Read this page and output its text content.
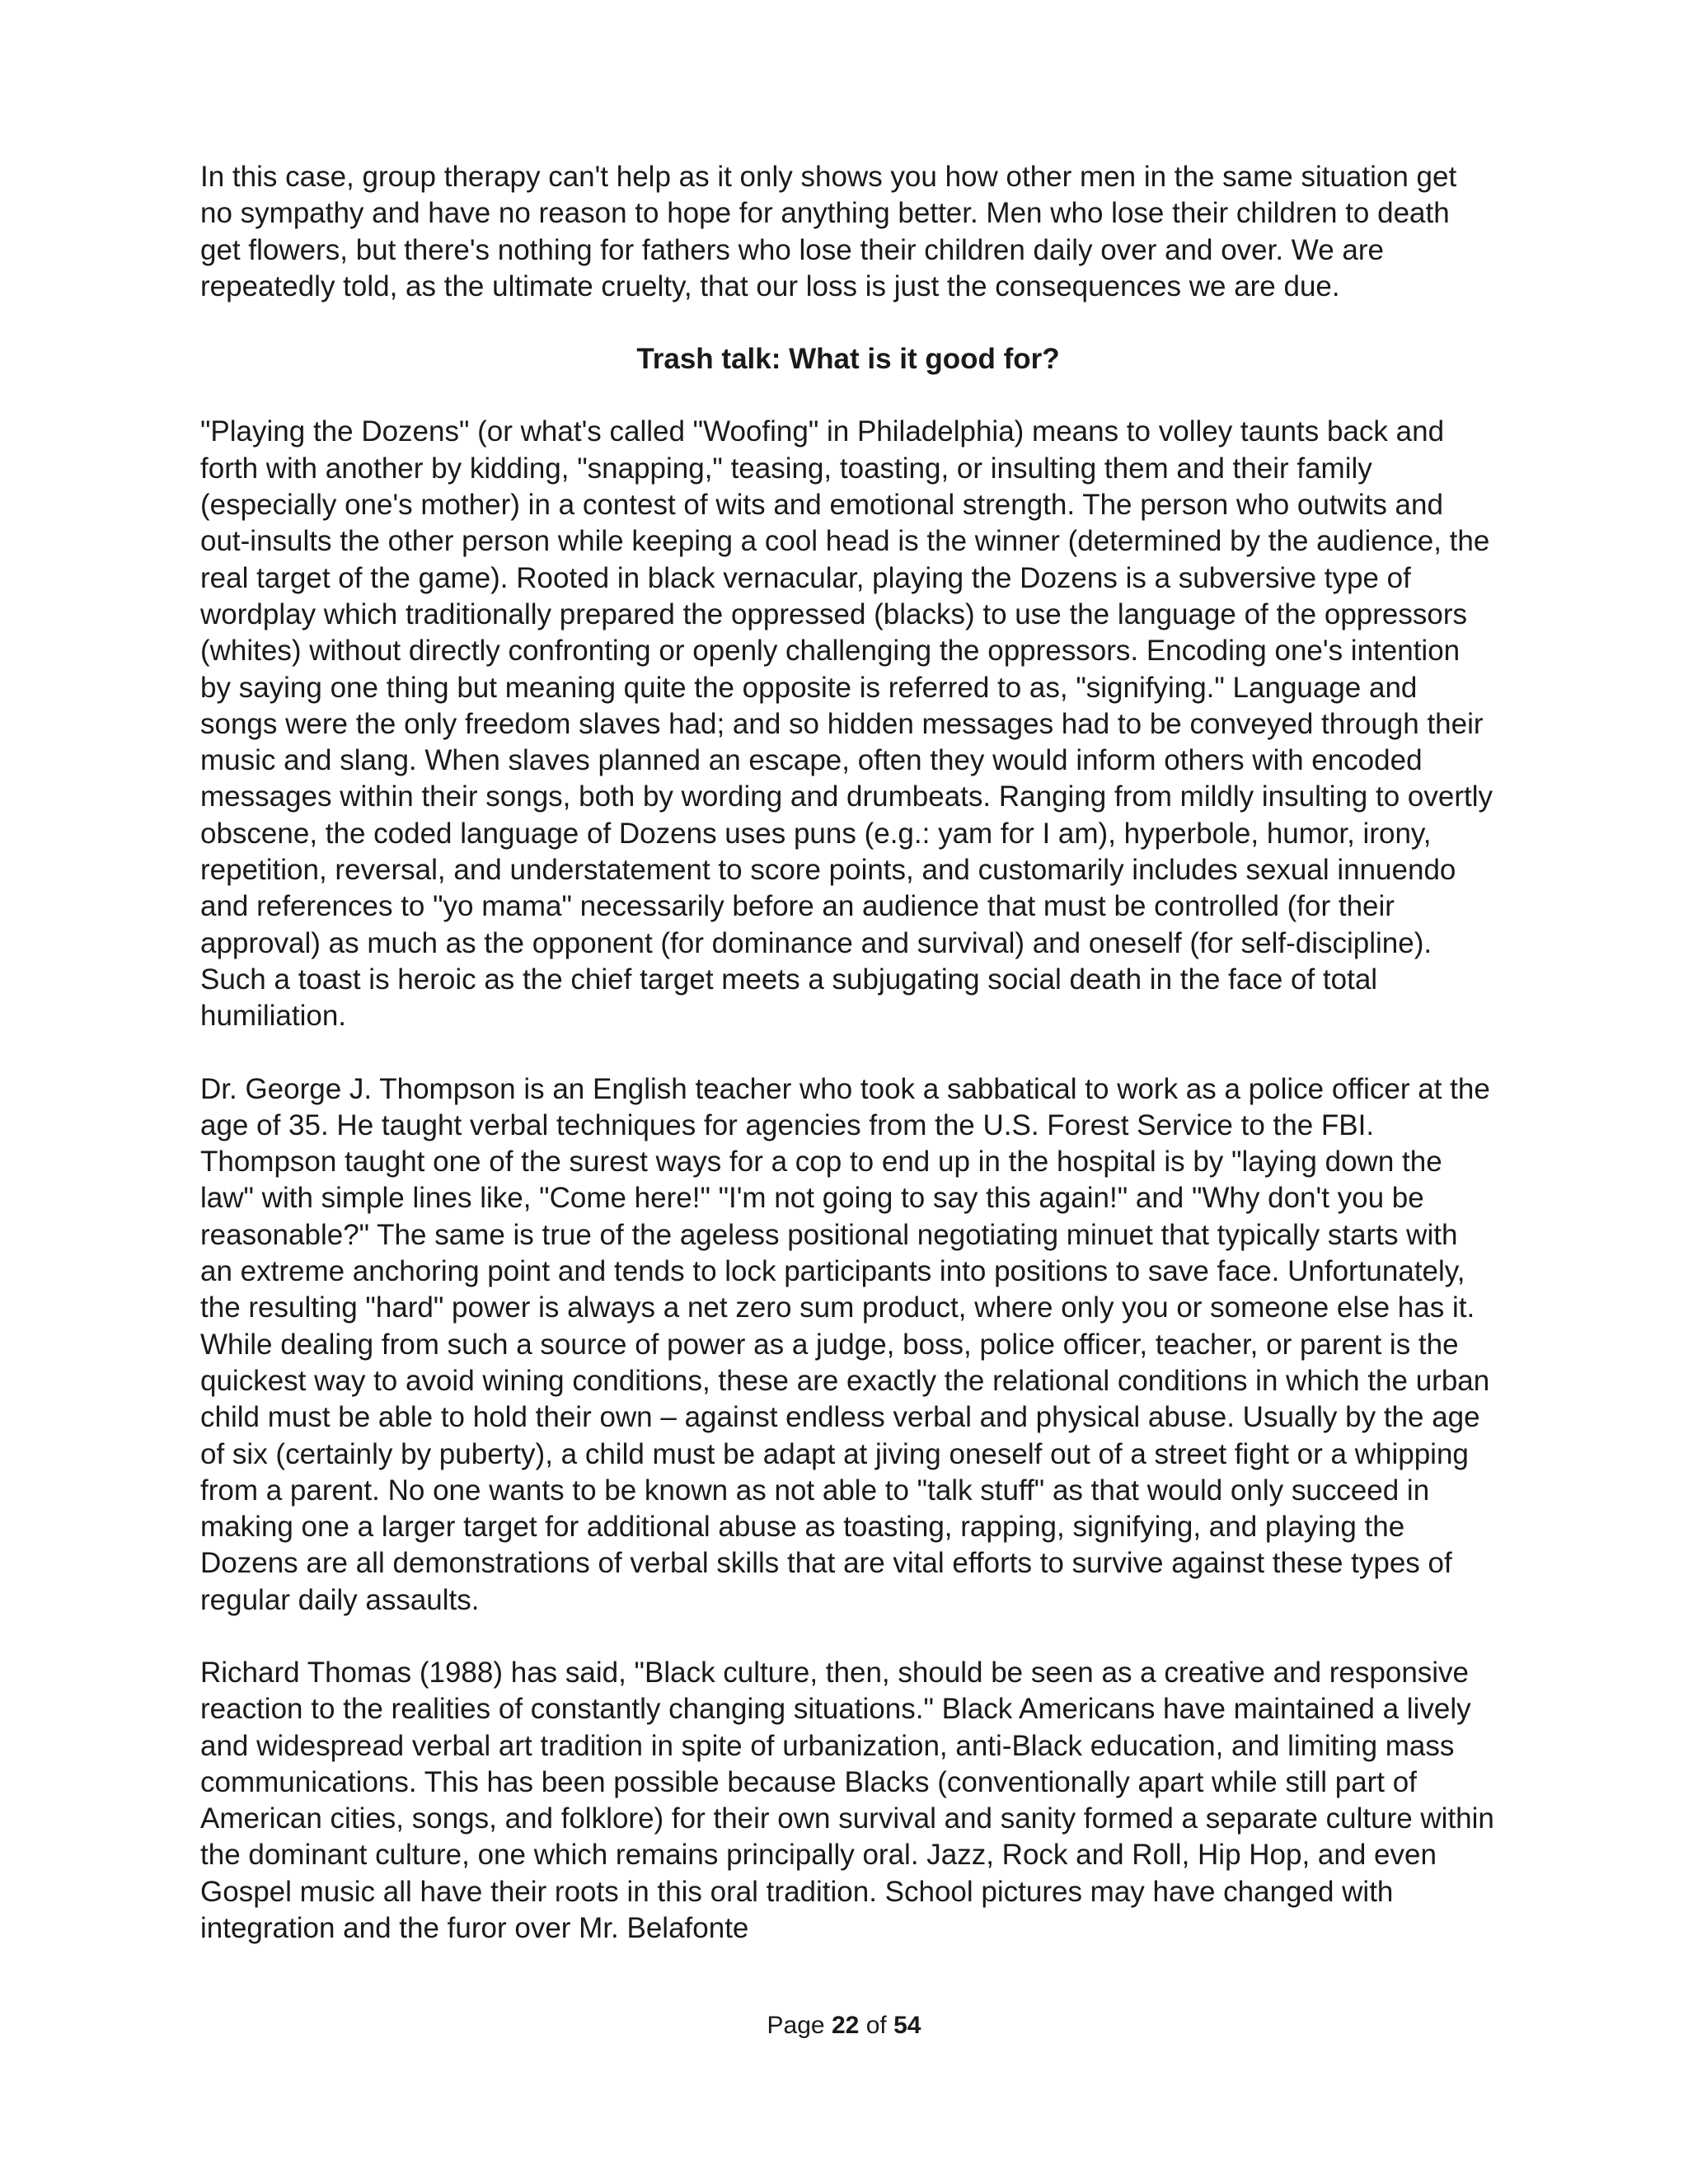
In this case, group therapy can't help as it only shows you how other men in the same situation get no sympathy and have no reason to hope for anything better. Men who lose their children to death get flowers, but there's nothing for fathers who lose their children daily over and over. We are repeatedly told, as the ultimate cruelty, that our loss is just the consequences we are due.

Trash talk: What is it good for?

"Playing the Dozens" (or what's called "Woofing" in Philadelphia) means to volley taunts back and forth with another by kidding, "snapping," teasing, toasting, or insulting them and their family (especially one's mother) in a contest of wits and emotional strength. The person who outwits and out-insults the other person while keeping a cool head is the winner (determined by the audience, the real target of the game). Rooted in black vernacular, playing the Dozens is a subversive type of wordplay which traditionally prepared the oppressed (blacks) to use the language of the oppressors (whites) without directly confronting or openly challenging the oppressors. Encoding one's intention by saying one thing but meaning quite the opposite is referred to as, "signifying." Language and songs were the only freedom slaves had; and so hidden messages had to be conveyed through their music and slang. When slaves planned an escape, often they would inform others with encoded messages within their songs, both by wording and drumbeats. Ranging from mildly insulting to overtly obscene, the coded language of Dozens uses puns (e.g.: yam for I am), hyperbole, humor, irony, repetition, reversal, and understatement to score points, and customarily includes sexual innuendo and references to "yo mama" necessarily before an audience that must be controlled (for their approval) as much as the opponent (for dominance and survival) and oneself (for self-discipline). Such a toast is heroic as the chief target meets a subjugating social death in the face of total humiliation.

Dr. George J. Thompson is an English teacher who took a sabbatical to work as a police officer at the age of 35. He taught verbal techniques for agencies from the U.S. Forest Service to the FBI. Thompson taught one of the surest ways for a cop to end up in the hospital is by "laying down the law" with simple lines like, "Come here!" "I'm not going to say this again!" and "Why don't you be reasonable?" The same is true of the ageless positional negotiating minuet that typically starts with an extreme anchoring point and tends to lock participants into positions to save face. Unfortunately, the resulting "hard" power is always a net zero sum product, where only you or someone else has it. While dealing from such a source of power as a judge, boss, police officer, teacher, or parent is the quickest way to avoid wining conditions, these are exactly the relational conditions in which the urban child must be able to hold their own – against endless verbal and physical abuse. Usually by the age of six (certainly by puberty), a child must be adapt at jiving oneself out of a street fight or a whipping from a parent. No one wants to be known as not able to "talk stuff" as that would only succeed in making one a larger target for additional abuse as toasting, rapping, signifying, and playing the Dozens are all demonstrations of verbal skills that are vital efforts to survive against these types of regular daily assaults.

Richard Thomas (1988) has said, "Black culture, then, should be seen as a creative and responsive reaction to the realities of constantly changing situations." Black Americans have maintained a lively and widespread verbal art tradition in spite of urbanization, anti-Black education, and limiting mass communications. This has been possible because Blacks (conventionally apart while still part of American cities, songs, and folklore) for their own survival and sanity formed a separate culture within the dominant culture, one which remains principally oral. Jazz, Rock and Roll, Hip Hop, and even Gospel music all have their roots in this oral tradition. School pictures may have changed with integration and the furor over Mr. Belafonte

Page 22 of 54
